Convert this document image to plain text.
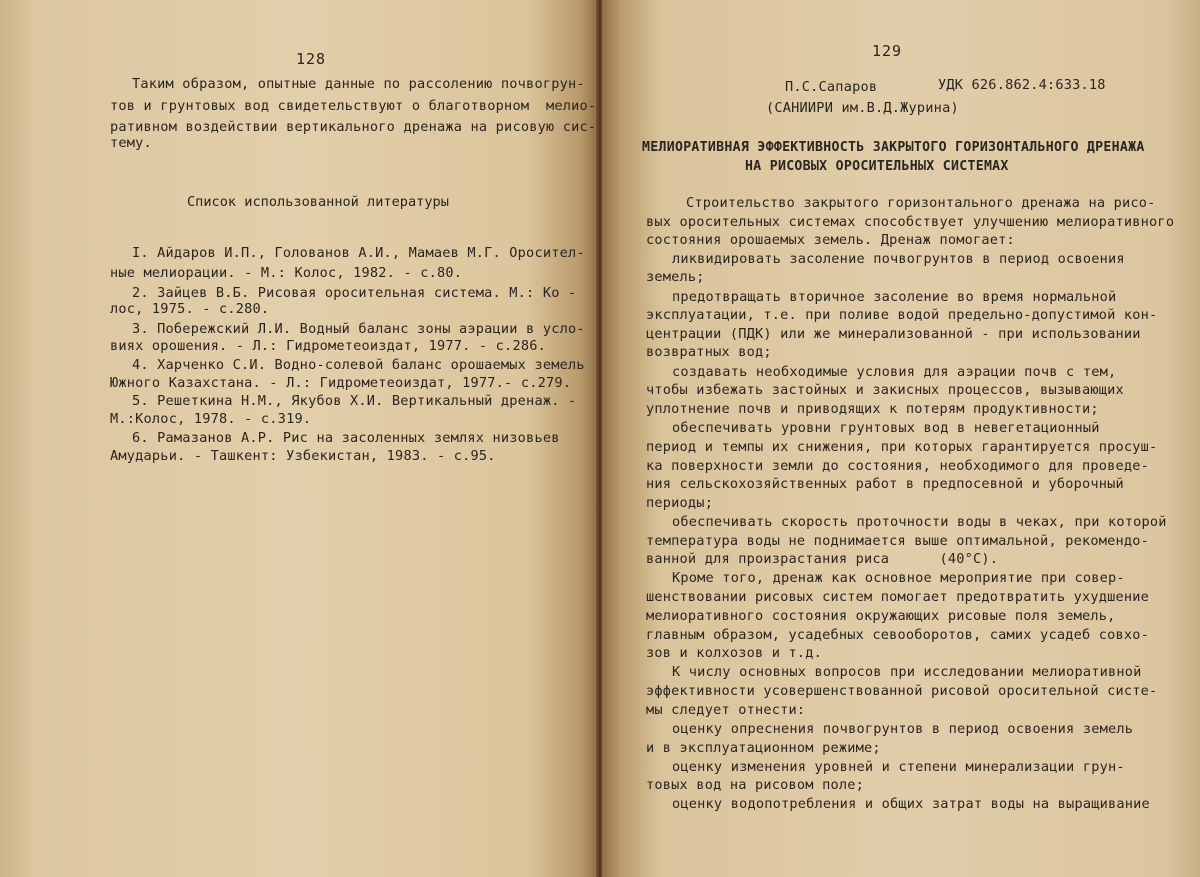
128
Таким образом, опытные данные по рассолению почвогрун-
тов и грунтовых вод свидетельствуют о благотворном  мелио-
ративном воздействии вертикального дренажа на рисовую сис-
тему.
Список использованной литературы
I. Айдаров И.П., Голованов А.И., Мамаев М.Г. Оросител-
ные мелиорации. - М.: Колос, 1982. - с.80.
2. Зайцев В.Б. Рисовая оросительная система. М.: Ко -
лос, 1975. - с.280.
3. Побережский Л.И. Водный баланс зоны аэрации в усло-
виях орошения. - Л.: Гидрометеоиздат, 1977. - с.286.
4. Харченко С.И. Водно-солевой баланс орошаемых земель
Южного Казахстана. - Л.: Гидрометеоиздат, 1977.- с.279.
5. Решеткина Н.М., Якубов Х.И. Вертикальный дренаж. -
М.:Колос, 1978. - с.319.
6. Рамазанов А.Р. Рис на засоленных землях низовьев
Амударьи. - Ташкент: Узбекистан, 1983. - с.95.
129
П.С.Сапаров	УДК 626.862.4:633.18
(САНИИРИ им.В.Д.Журина)
МЕЛИОРАТИВНАЯ ЭФФЕКТИВНОСТЬ ЗАКРЫТОГО ГОРИЗОНТАЛЬНОГО ДРЕНАЖА
НА РИСОВЫХ ОРОСИТЕЛЬНЫХ СИСТЕМАХ
Строительство закрытого горизонтального дренажа на рисо-
вых оросительных системах способствует улучшению мелиоративного
состояния орошаемых земель. Дренаж помогает:
ликвидировать засоление почвогрунтов в период освоения
земель;
предотвращать вторичное засоление во время нормальной
эксплуатации, т.е. при поливе водой предельно-допустимой кон-
центрации (ПДК) или же минерализованной - при использовании
возвратных вод;
создавать необходимые условия для аэрации почв с тем,
чтобы избежать застойных и закисных процессов, вызывающих
уплотнение почв и приводящих к потерям продуктивности;
обеспечивать уровни грунтовых вод в невегетационный
период и темпы их снижения, при которых гарантируется просуш-
ка поверхности земли до состояния, необходимого для проведе-
ния сельскохозяйственных работ в предпосевной и уборочный
периоды;
обеспечивать скорость проточности воды в чеках, при которой
температура воды не поднимается выше оптимальной, рекомендо-
ванной для произрастания риса      (40°С).
Кроме того, дренаж как основное мероприятие при совер-
шенствовании рисовых систем помогает предотвратить ухудшение
мелиоративного состояния окружающих рисовые поля земель,
главным образом, усадебных севооборотов, самих усадеб совхо-
зов и колхозов и т.д.
К числу основных вопросов при исследовании мелиоративной
эффективности усовершенствованной рисовой оросительной систе-
мы следует отнести:
оценку опреснения почвогрунтов в период освоения земель
и в эксплуатационном режиме;
оценку изменения уровней и степени минерализации грун-
товых вод на рисовом поле;
оценку водопотребления и общих затрат воды на выращивание
